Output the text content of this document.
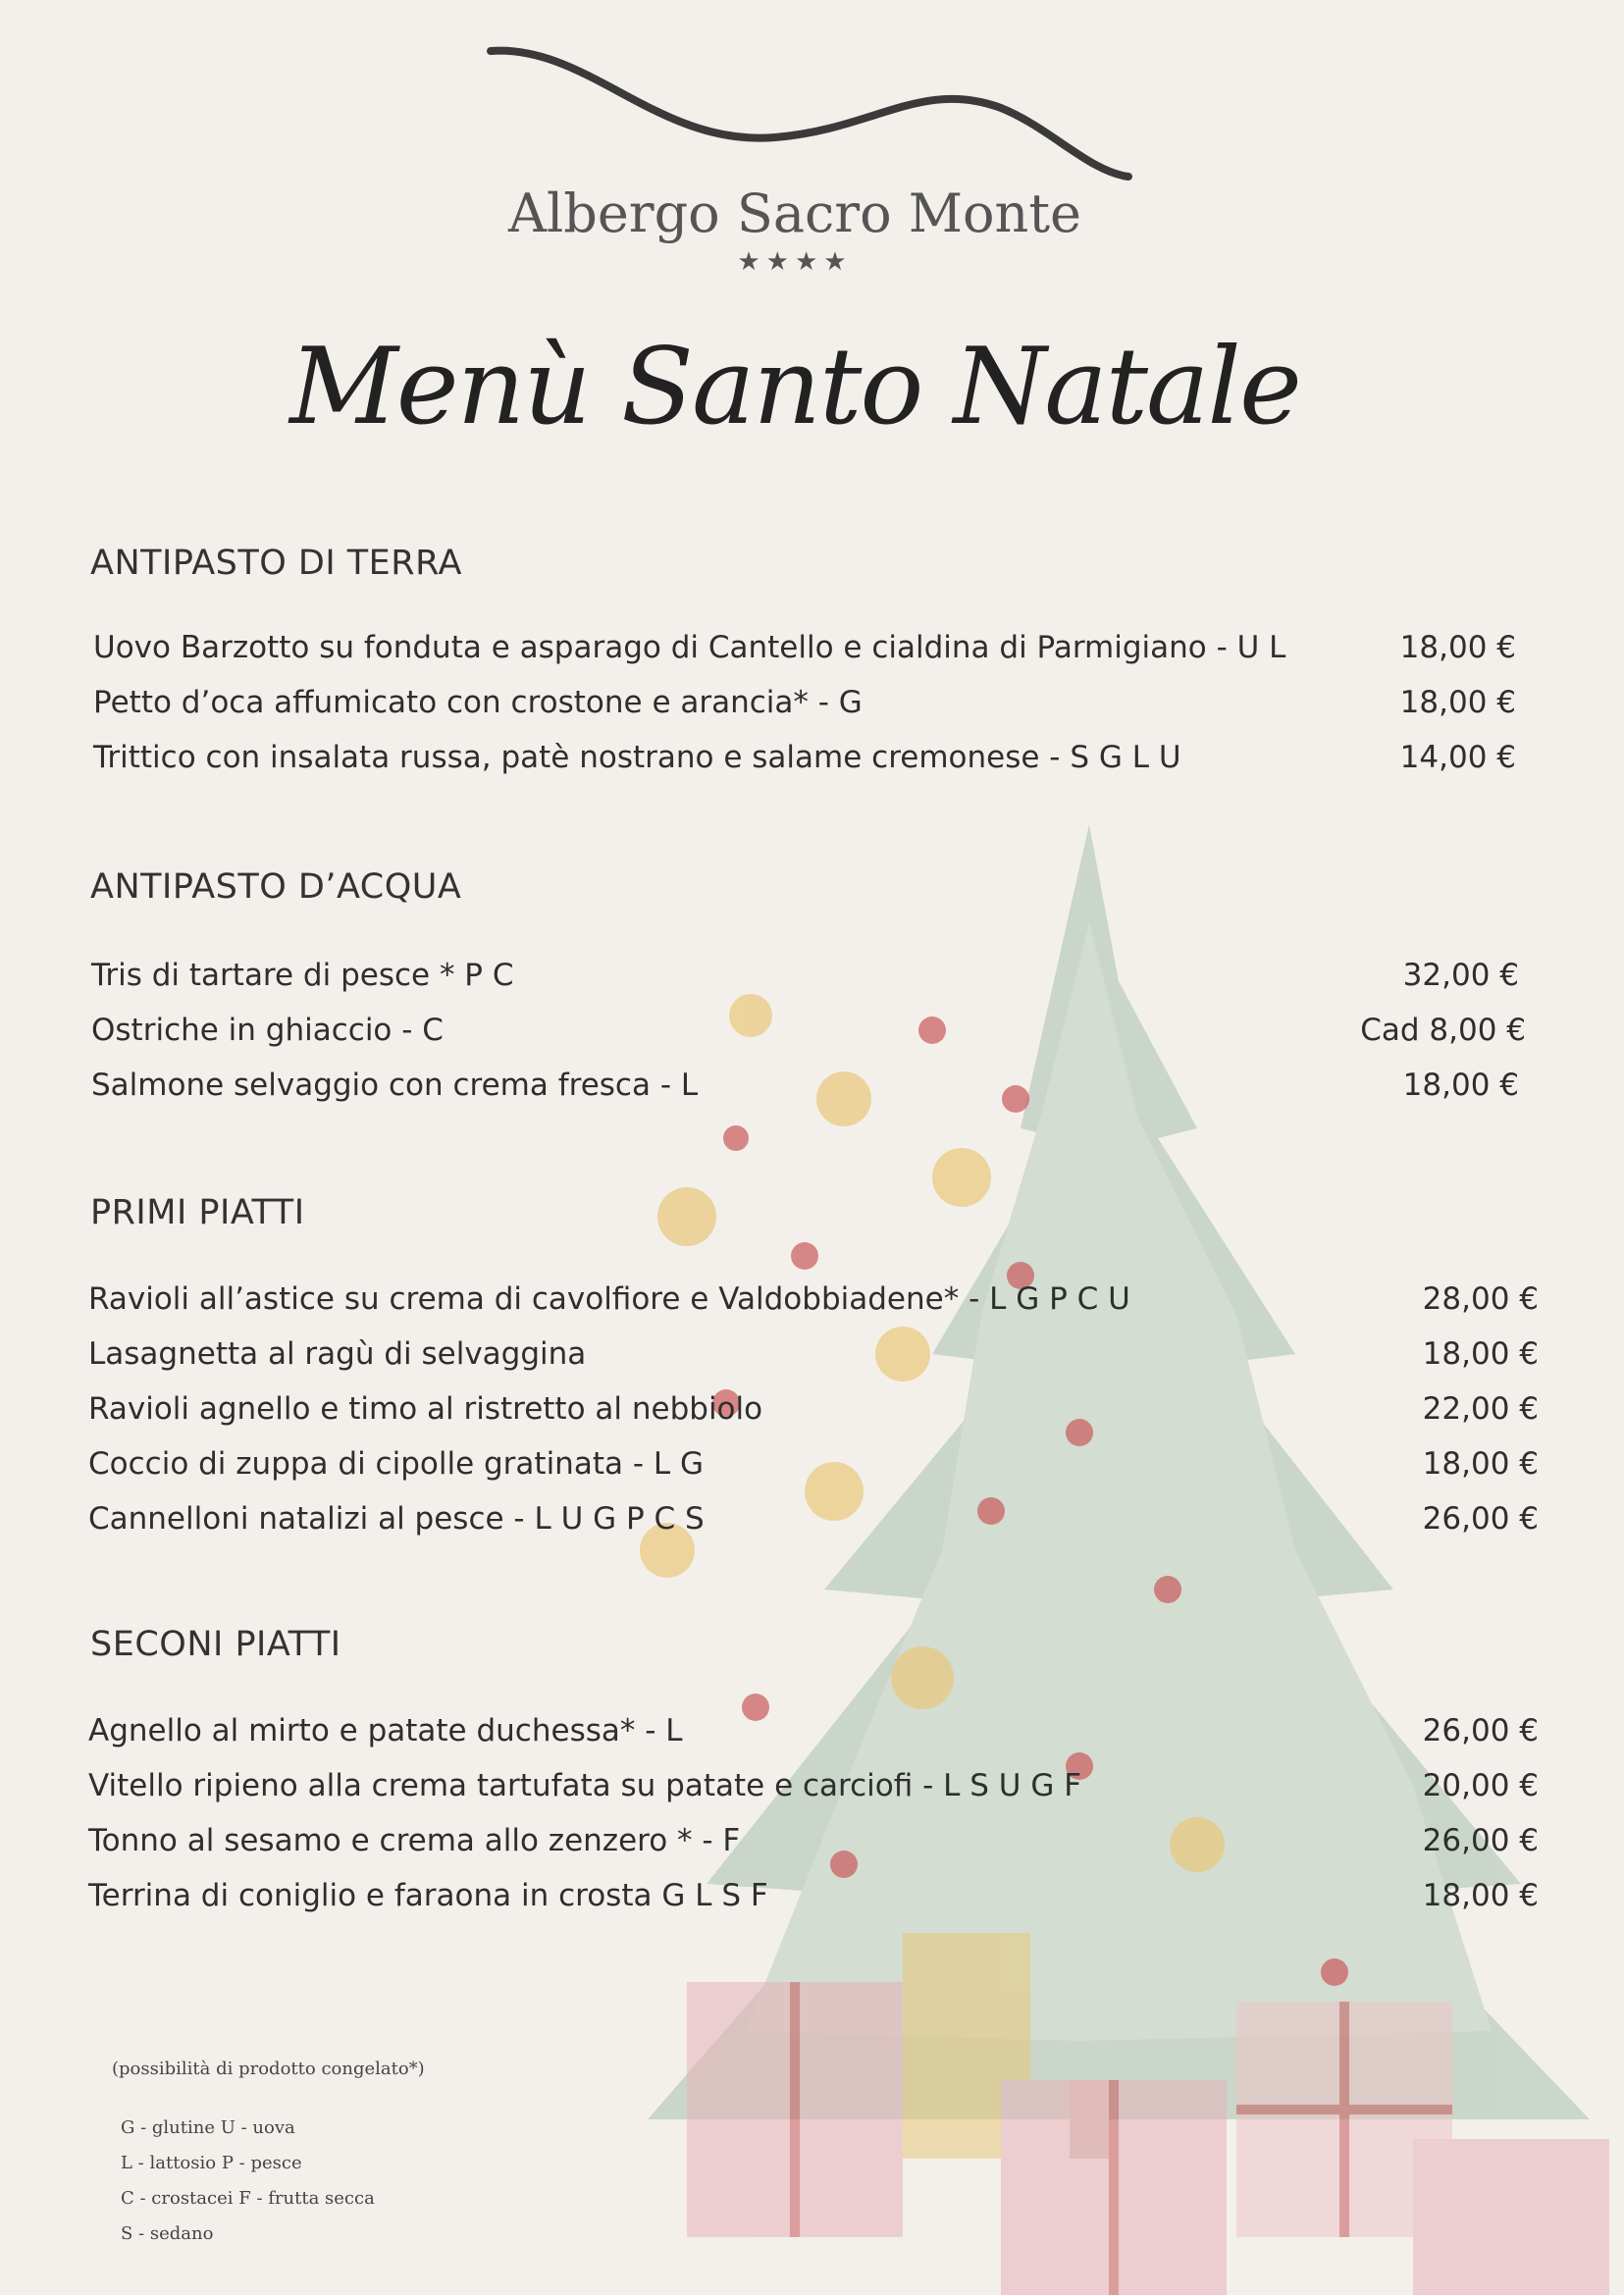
Albergo Sacro Monte
★★★★
Menù Santo Natale
ANTIPASTO DI TERRA
Uovo Barzotto su fonduta e asparago di Cantello e cialdina di Parmigiano - U L	18,00 €
Petto d’oca affumicato con crostone e arancia* - G	18,00 €
Trittico con insalata russa, patè nostrano e salame cremonese - S G L U	14,00 €
ANTIPASTO D’ACQUA
Tris di tartare di pesce * P C	32,00 €
Ostriche in ghiaccio - C	Cad 8,00 €
Salmone selvaggio con crema fresca - L	18,00 €
PRIMI PIATTI
Ravioli all’astice su crema di cavolfiore e Valdobbiadene* - L G P C U	28,00 €
Lasagnetta al ragù di selvaggina	18,00 €
Ravioli agnello e timo al ristretto al nebbiolo	22,00 €
Coccio di zuppa di cipolle gratinata - L G	18,00 €
Cannelloni natalizi al pesce - L U G P C S	26,00 €
SECONI PIATTI
Agnello al mirto e patate duchessa* - L	26,00 €
Vitello ripieno alla crema tartufata su patate e carciofi - L S U G F	20,00 €
Tonno al sesamo e crema allo zenzero * - F	26,00 €
Terrina di coniglio e faraona in crosta G L S F	18,00 €
(possibilità di prodotto congelato*)
G - glutine U - uova
L - lattosio P - pesce
C - crostacei F - frutta secca
S - sedano
